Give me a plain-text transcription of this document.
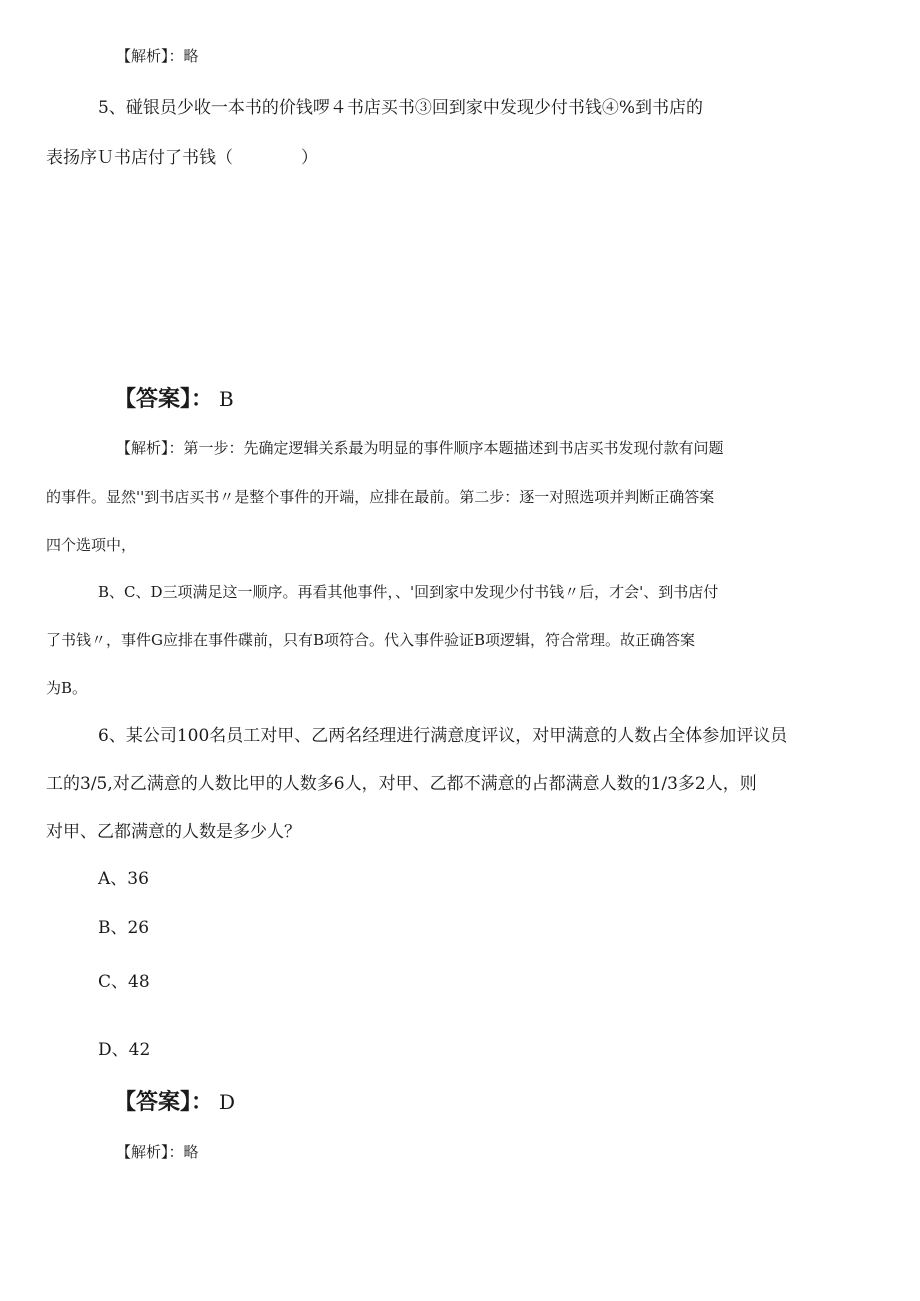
【解析】：略
5、碰银员少收一本书的价钱啰４书店买书③回到家中发现少付书钱④%到书店的
表扬序Ｕ书店付了书钱（　　　　）
【答案】： B
【解析】：第一步：先确定逻辑关系最为明显的事件顺序本题描述到书店买书发现付款有问题
的事件。显然''到书店买书〃是整个事件的开端，应排在最前。第二步：逐一对照选项并判断正确答案
四个选项中，
B、C、D三项满足这一顺序。再看其他事件，、'回到家中发现少付书钱〃后，才会'、到书店付
了书钱〃，事件G应排在事件碟前，只有B项符合。代入事件验证B项逻辑，符合常理。故正确答案
为B。
6、某公司100名员工对甲、乙两名经理进行满意度评议，对甲满意的人数占全体参加评议员
工的3/5,对乙满意的人数比甲的人数多6人，对甲、乙都不满意的占都满意人数的1/3多2人，则
对甲、乙都满意的人数是多少人？
A、36
B、26
C、48
D、42
【答案】： D
【解析】：略
